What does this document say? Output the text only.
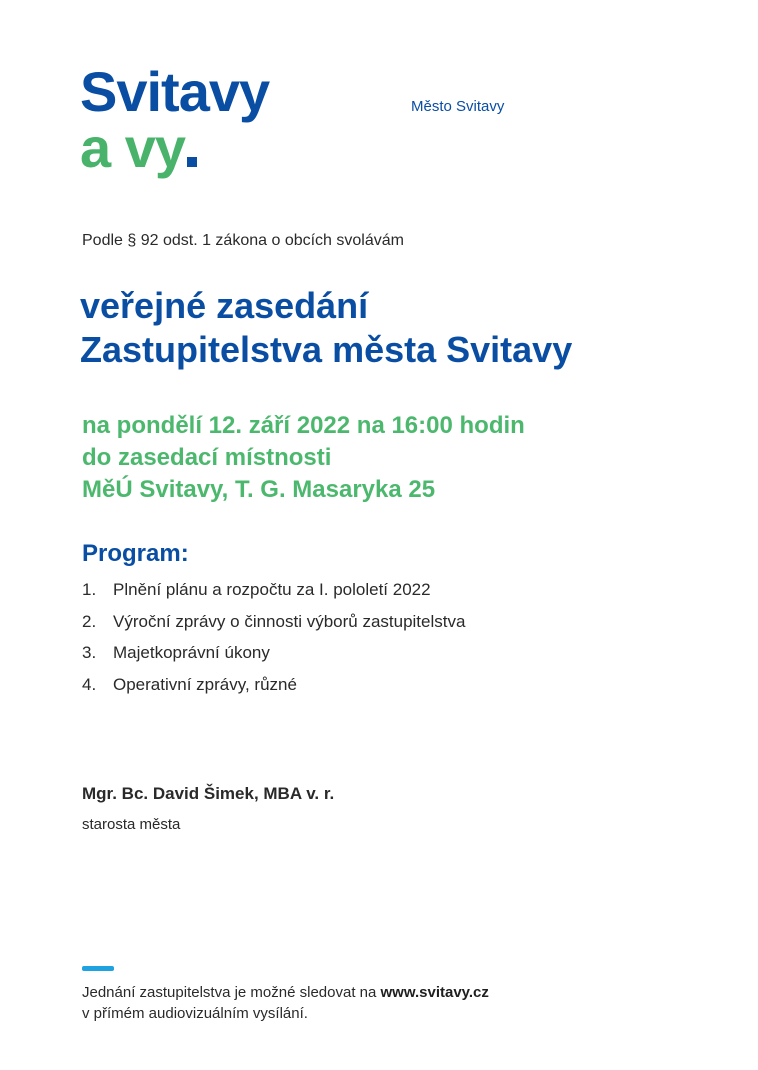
Svitavy
a vy
Město Svitavy
Podle § 92 odst. 1 zákona o obcích svolávám
veřejné zasedání
Zastupitelstva města Svitavy
na pondělí 12. září 2022 na 16:00 hodin
do zasedací místnosti
MěÚ Svitavy, T. G. Masaryka 25
Program:
1. Plnění plánu a rozpočtu za I. pololetí 2022
2. Výroční zprávy o činnosti výborů zastupitelstva
3. Majetkoprávní úkony
4. Operativní zprávy, různé
Mgr. Bc. David Šimek, MBA v. r.
starosta města
Jednání zastupitelstva je možné sledovat na www.svitavy.cz
v přímém audiovizuálním vysílání.
